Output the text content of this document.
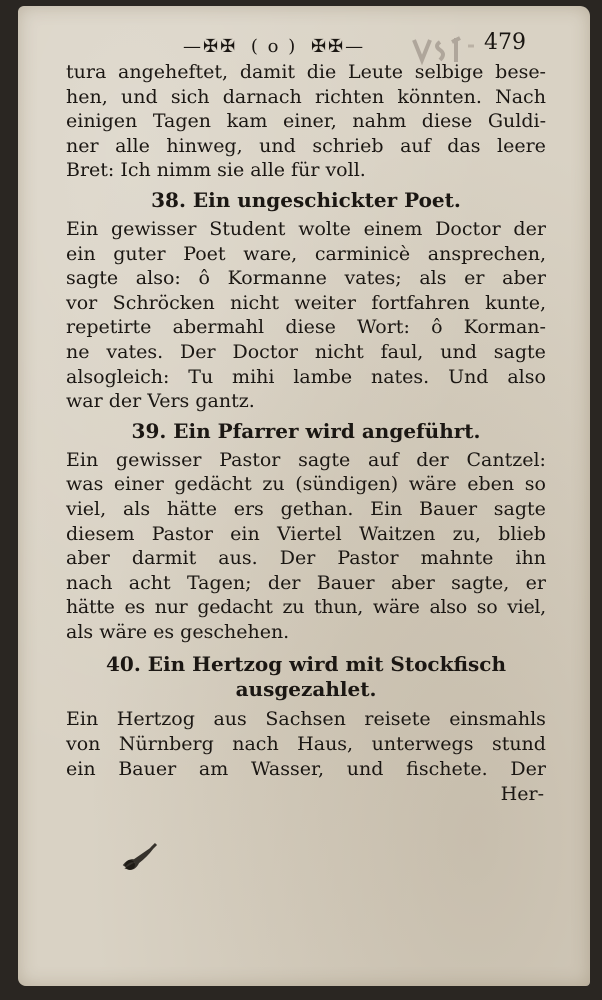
—✠✠ ( o ) ✠✠—	479
tura angeheftet, damit die Leute selbige bese-
hen, und sich darnach richten könnten. Nach
einigen Tagen kam einer, nahm diese Guldi-
ner alle hinweg, und schrieb auf das leere
Bret: Ich nimm sie alle für voll.
38. Ein ungeschickter Poet.
Ein gewisser Student wolte einem Doctor der
ein guter Poet ware, carminicè ansprechen,
sagte also: ô Kormanne vates; als er aber
vor Schröcken nicht weiter fortfahren kunte,
repetirte abermahl diese Wort: ô Korman-
ne vates. Der Doctor nicht faul, und sagte
alsogleich: Tu mihi lambe nates. Und also
war der Vers gantz.
39. Ein Pfarrer wird angeführt.
Ein gewisser Pastor sagte auf der Cantzel:
was einer gedächt zu (sündigen) wäre eben so
viel, als hätte ers gethan. Ein Bauer sagte
diesem Pastor ein Viertel Waitzen zu, blieb
aber darmit aus. Der Pastor mahnte ihn
nach acht Tagen; der Bauer aber sagte, er
hätte es nur gedacht zu thun, wäre also so viel,
als wäre es geschehen.
40. Ein Hertzog wird mit Stockfisch
ausgezahlet.
Ein Hertzog aus Sachsen reisete einsmahls
von Nürnberg nach Haus, unterwegs stund
ein Bauer am Wasser, und fischete. Der
Her-
